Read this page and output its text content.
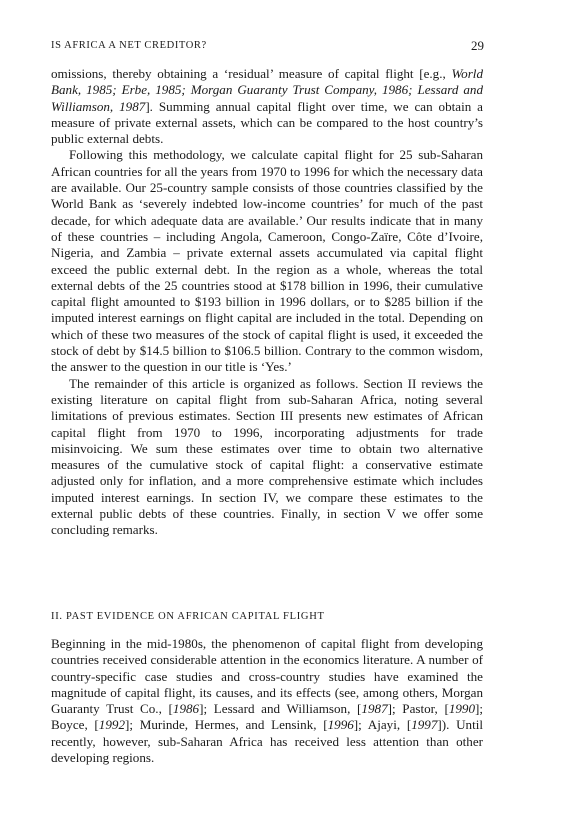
IS AFRICA A NET CREDITOR?	29

omissions, thereby obtaining a ‘residual’ measure of capital flight [e.g., World Bank, 1985; Erbe, 1985; Morgan Guaranty Trust Company, 1986; Lessard and Williamson, 1987]. Summing annual capital flight over time, we can obtain a measure of private external assets, which can be compared to the host country’s public external debts.

Following this methodology, we calculate capital flight for 25 sub-Saharan African countries for all the years from 1970 to 1996 for which the necessary data are available. Our 25-country sample consists of those countries classified by the World Bank as ‘severely indebted low-income countries’ for much of the past decade, for which adequate data are available.’ Our results indicate that in many of these countries – including Angola, Cameroon, Congo-Zaïre, Côte d’Ivoire, Nigeria, and Zambia – private external assets accumulated via capital flight exceed the public external debt. In the region as a whole, whereas the total external debts of the 25 countries stood at $178 billion in 1996, their cumulative capital flight amounted to $193 billion in 1996 dollars, or to $285 billion if the imputed interest earnings on flight capital are included in the total. Depending on which of these two measures of the stock of capital flight is used, it exceeded the stock of debt by $14.5 billion to $106.5 billion. Contrary to the common wisdom, the answer to the question in our title is ‘Yes.’

The remainder of this article is organized as follows. Section II reviews the existing literature on capital flight from sub-Saharan Africa, noting several limitations of previous estimates. Section III presents new estimates of African capital flight from 1970 to 1996, incorporating adjustments for trade misinvoicing. We sum these estimates over time to obtain two alternative measures of the cumulative stock of capital flight: a conservative estimate adjusted only for inflation, and a more comprehensive estimate which includes imputed interest earnings. In section IV, we compare these estimates to the external public debts of these countries. Finally, in section V we offer some concluding remarks.

II. PAST EVIDENCE ON AFRICAN CAPITAL FLIGHT

Beginning in the mid-1980s, the phenomenon of capital flight from developing countries received considerable attention in the economics literature. A number of country-specific case studies and cross-country studies have examined the magnitude of capital flight, its causes, and its effects (see, among others, Morgan Guaranty Trust Co., [1986]; Lessard and Williamson, [1987]; Pastor, [1990]; Boyce, [1992]; Murinde, Hermes, and Lensink, [1996]; Ajayi, [1997]). Until recently, however, sub-Saharan Africa has received less attention than other developing regions.
